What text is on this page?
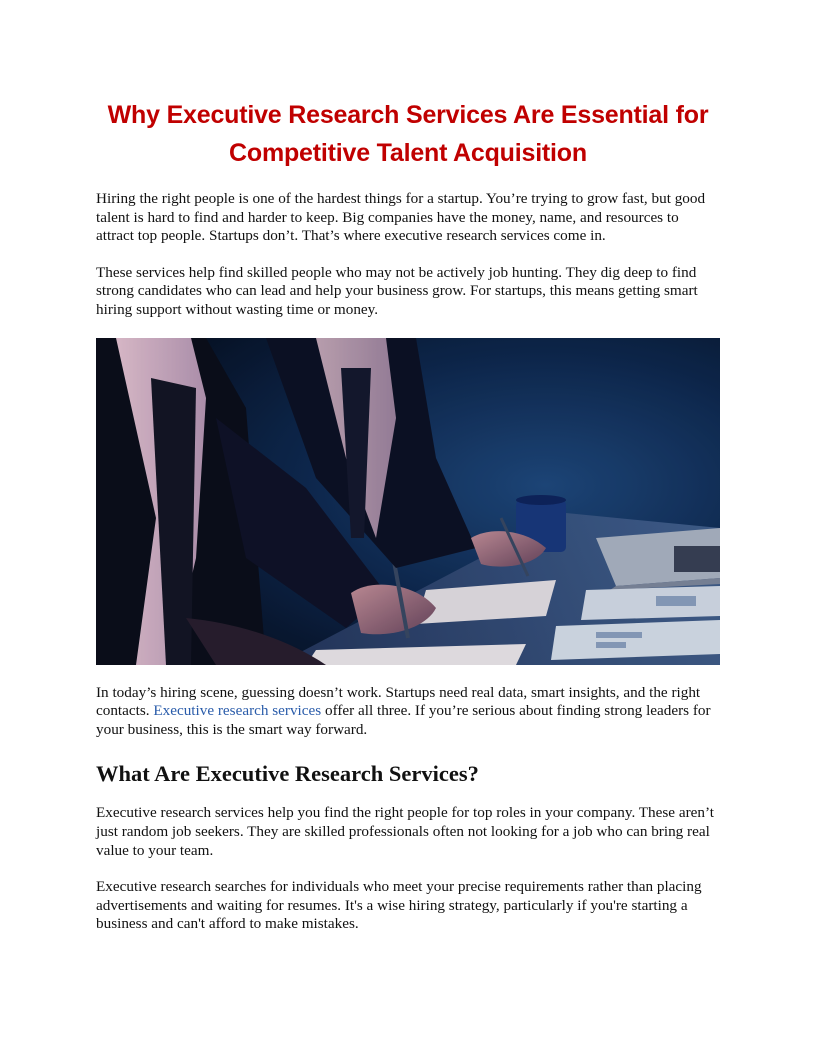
Why Executive Research Services Are Essential for
Competitive Talent Acquisition

Hiring the right people is one of the hardest things for a startup. You’re trying to grow fast, but good talent is hard to find and harder to keep. Big companies have the money, name, and resources to attract top people. Startups don’t. That’s where executive research services come in.

These services help find skilled people who may not be actively job hunting. They dig deep to find strong candidates who can lead and help your business grow. For startups, this means getting smart hiring support without wasting time or money.

In today’s hiring scene, guessing doesn’t work. Startups need real data, smart insights, and the right contacts. Executive research services offer all three. If you’re serious about finding strong leaders for your business, this is the smart way forward.

What Are Executive Research Services?

Executive research services help you find the right people for top roles in your company. These aren’t just random job seekers. They are skilled professionals often not looking for a job who can bring real value to your team.

Executive research searches for individuals who meet your precise requirements rather than placing advertisements and waiting for resumes. It's a wise hiring strategy, particularly if you're starting a business and can't afford to make mistakes.
